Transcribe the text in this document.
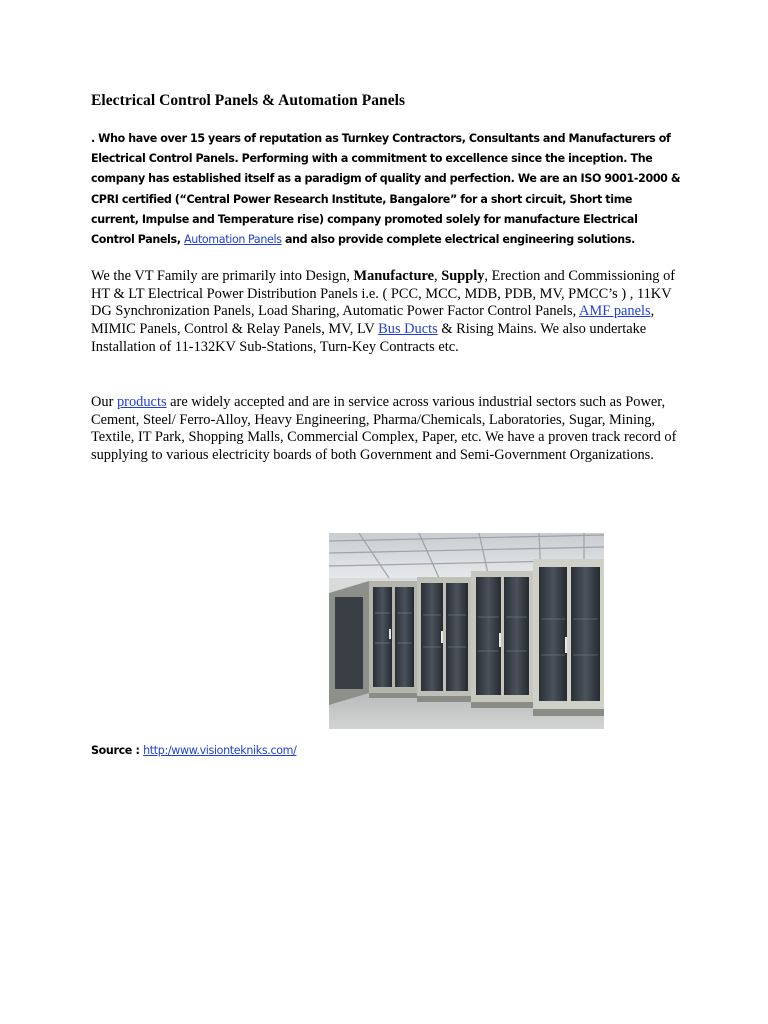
Electrical Control Panels & Automation Panels

. Who have over 15 years of reputation as Turnkey Contractors, Consultants and Manufacturers of Electrical Control Panels. Performing with a commitment to excellence since the inception. The company has established itself as a paradigm of quality and perfection. We are an ISO 9001-2000 & CPRI certified (“Central Power Research Institute, Bangalore” for a short circuit, Short time current, Impulse and Temperature rise) company promoted solely for manufacture Electrical Control Panels, Automation Panels and also provide complete electrical engineering solutions.

We the VT Family are primarily into Design, Manufacture, Supply, Erection and Commissioning of HT & LT Electrical Power Distribution Panels i.e. ( PCC, MCC, MDB, PDB, MV, PMCC’s ) , 11KV DG Synchronization Panels, Load Sharing, Automatic Power Factor Control Panels, AMF panels, MIMIC Panels, Control & Relay Panels, MV, LV Bus Ducts & Rising Mains. We also undertake Installation of 11-132KV Sub-Stations, Turn-Key Contracts etc.

Our products are widely accepted and are in service across various industrial sectors such as Power, Cement, Steel/ Ferro-Alloy, Heavy Engineering, Pharma/Chemicals, Laboratories, Sugar, Mining, Textile, IT Park, Shopping Malls, Commercial Complex, Paper, etc. We have a proven track record of supplying to various electricity boards of both Government and Semi-Government Organizations.

Source : http:/www.visiontekniks.com/
